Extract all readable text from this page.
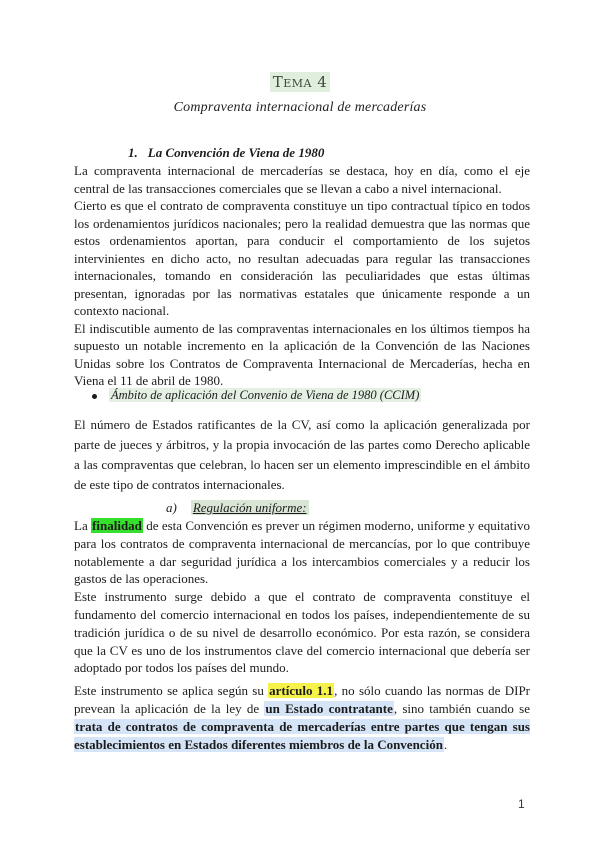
Tema 4
Compraventa internacional de mercaderías
1. La Convención de Viena de 1980

La compraventa internacional de mercaderías se destaca, hoy en día, como el eje central de las transacciones comerciales que se llevan a cabo a nivel internacional.

Cierto es que el contrato de compraventa constituye un tipo contractual típico en todos los ordenamientos jurídicos nacionales; pero la realidad demuestra que las normas que estos ordenamientos aportan, para conducir el comportamiento de los sujetos intervinientes en dicho acto, no resultan adecuadas para regular las transacciones internacionales, tomando en consideración las peculiaridades que estas últimas presentan, ignoradas por las normativas estatales que únicamente responde a un contexto nacional.

El indiscutible aumento de las compraventas internacionales en los últimos tiempos ha supuesto un notable incremento en la aplicación de la Convención de las Naciones Unidas sobre los Contratos de Compraventa Internacional de Mercaderías, hecha en Viena el 11 de abril de 1980.

Ámbito de aplicación del Convenio de Viena de 1980 (CCIM)

El número de Estados ratificantes de la CV, así como la aplicación generalizada por parte de jueces y árbitros, y la propia invocación de las partes como Derecho aplicable a las compraventas que celebran, lo hacen ser un elemento imprescindible en el ámbito de este tipo de contratos internacionales.

a) Regulación uniforme:

La finalidad de esta Convención es prever un régimen moderno, uniforme y equitativo para los contratos de compraventa internacional de mercancías, por lo que contribuye notablemente a dar seguridad jurídica a los intercambios comerciales y a reducir los gastos de las operaciones.

Este instrumento surge debido a que el contrato de compraventa constituye el fundamento del comercio internacional en todos los países, independientemente de su tradición jurídica o de su nivel de desarrollo económico. Por esta razón, se considera que la CV es uno de los instrumentos clave del comercio internacional que debería ser adoptado por todos los países del mundo.

Este instrumento se aplica según su artículo 1.1, no sólo cuando las normas de DIPr prevean la aplicación de la ley de un Estado contratante, sino también cuando se trata de contratos de compraventa de mercaderías entre partes que tengan sus establecimientos en Estados diferentes miembros de la Convención.

1
